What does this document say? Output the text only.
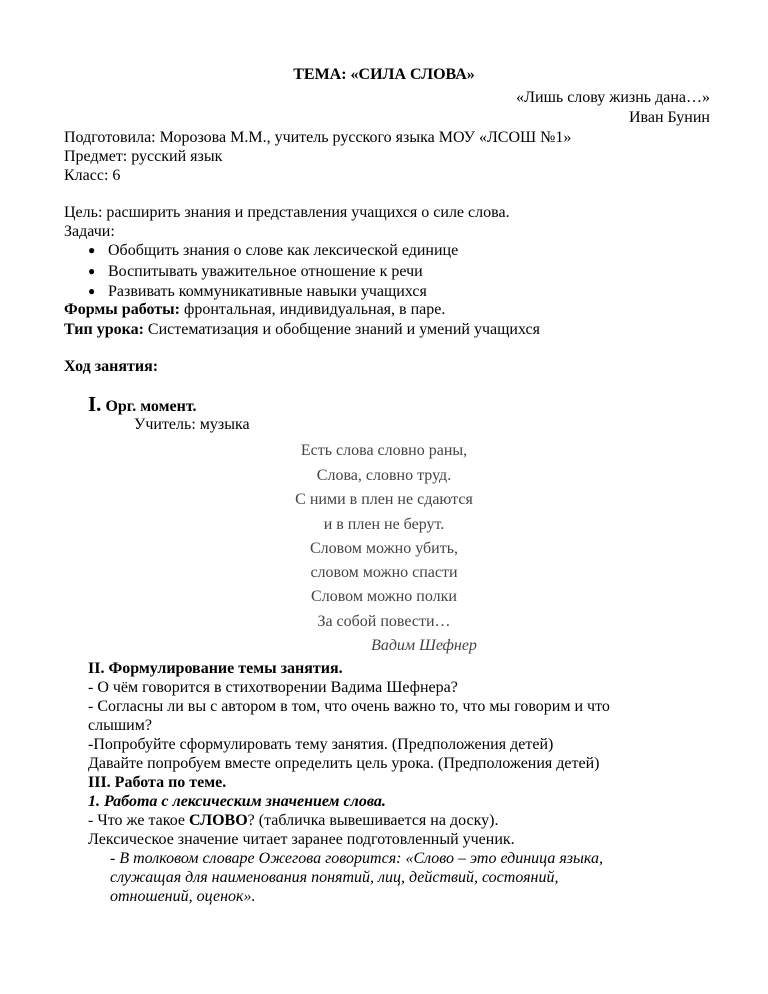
ТЕМА: «СИЛА СЛОВА»
«Лишь слову жизнь дана…»
Иван Бунин
Подготовила: Морозова М.М., учитель русского языка МОУ «ЛСОШ №1»
Предмет: русский язык
Класс: 6
Цель: расширить знания и представления учащихся о силе слова.
Задачи:
● Обобщить знания о слове как лексической единице
● Воспитывать уважительное отношение к речи
● Развивать коммуникативные навыки учащихся
Формы работы: фронтальная, индивидуальная, в паре.
Тип урока: Систематизация и обобщение знаний и умений учащихся
Ход занятия:
I. Орг. момент.
Учитель: музыка
Есть слова словно раны,
Слова, словно труд.
С ними в плен не сдаются
и в плен не берут.
Словом можно убить,
словом можно спасти
Словом можно полки
За собой повести…
Вадим Шефнер
II. Формулирование темы занятия.
- О чём говорится в стихотворении Вадима Шефнера?
- Согласны ли вы с автором в том, что очень важно то, что мы говорим и что
слышим?
-Попробуйте сформулировать тему занятия. (Предположения детей)
Давайте попробуем вместе определить цель урока. (Предположения детей)
III. Работа по теме.
1. Работа с лексическим значением слова.
- Что же такое СЛОВО? (табличка вывешивается на доску).
Лексическое значение читает заранее подготовленный ученик.
- В толковом словаре Ожегова говорится: «Слово – это единица языка,
служащая для наименования понятий, лиц, действий, состояний,
отношений, оценок».
